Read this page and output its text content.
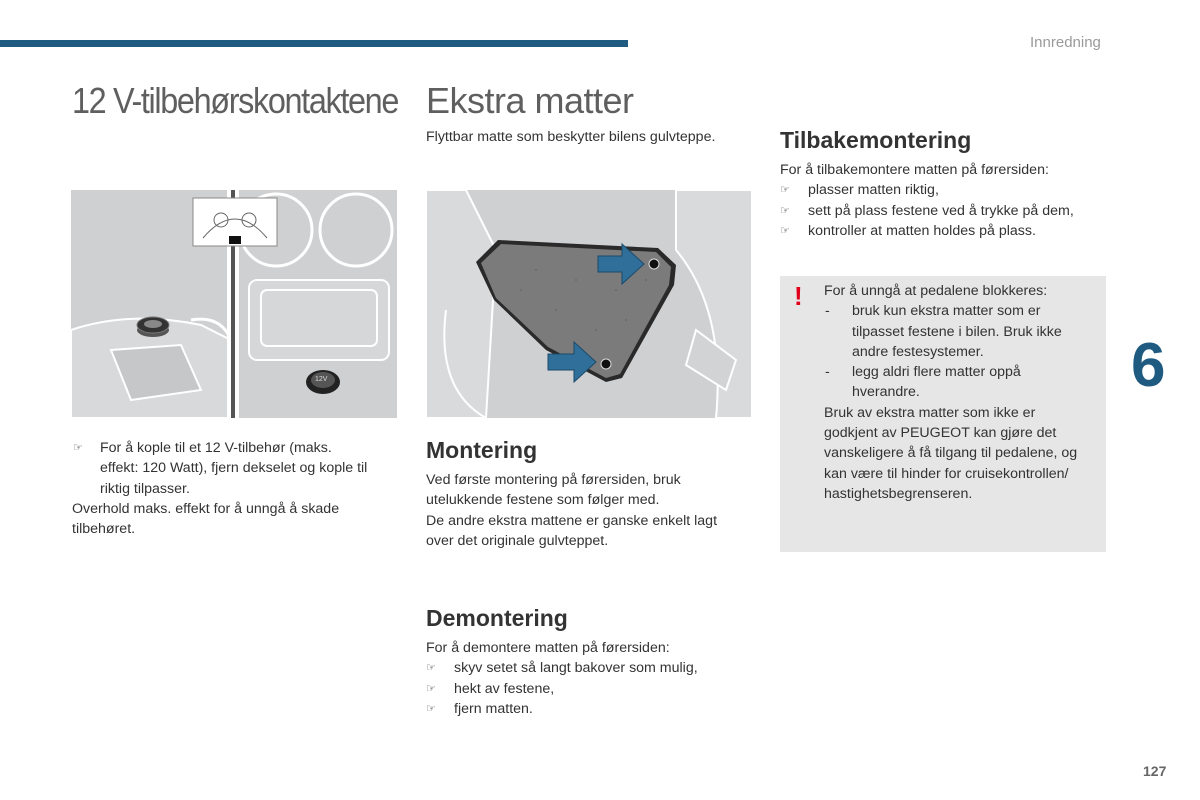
Innredning
6
127
12 V-tilbehørskontaktene
12V
☞ For å kople til et 12 V-tilbehør (maks.
effekt: 120 Watt), fjern dekselet og kople til
riktig tilpasser.
Overhold maks. effekt for å unngå å skade
tilbehøret.
Ekstra matter
Flyttbar matte som beskytter bilens gulvteppe.
Montering
Ved første montering på førersiden, bruk
utelukkende festene som følger med.
De andre ekstra mattene er ganske enkelt lagt
over det originale gulvteppet.
Demontering
For å demontere matten på førersiden:
☞ skyv setet så langt bakover som mulig,
☞ hekt av festene,
☞ fjern matten.
Tilbakemontering
For å tilbakemontere matten på førersiden:
☞ plasser matten riktig,
☞ sett på plass festene ved å trykke på dem,
☞ kontroller at matten holdes på plass.
! For å unngå at pedalene blokkeres:
- bruk kun ekstra matter som er
tilpasset festene i bilen. Bruk ikke
andre festesystemer.
- legg aldri flere matter oppå
hverandre.
Bruk av ekstra matter som ikke er
godkjent av PEUGEOT kan gjøre det
vanskeligere å få tilgang til pedalene, og
kan være til hinder for cruisekontrollen/
hastighetsbegrenseren.
